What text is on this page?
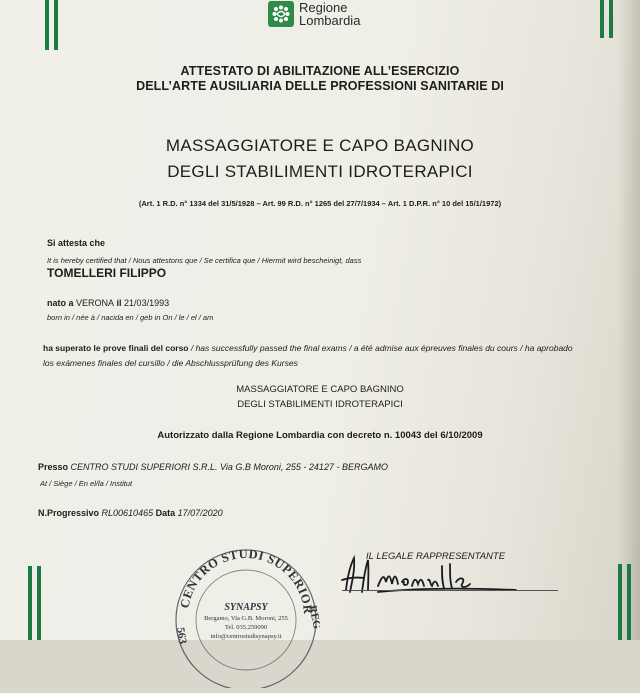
Regione
Lombardia
ATTESTATO DI ABILITAZIONE ALL’ESERCIZIO
DELL’ARTE AUSILIARIA DELLE PROFESSIONI SANITARIE DI
MASSAGGIATORE E CAPO BAGNINO
DEGLI STABILIMENTI IDROTERAPICI
(Art. 1 R.D. n° 1334 del 31/5/1928 – Art. 99 R.D. n° 1265 del 27/7/1934 – Art. 1 D.P.R. n° 10 del 15/1/1972)
Si attesta che
It is hereby certified that / Nous attestons que / Se certifica que / Hiermit wird bescheinigt, dass
TOMELLERI FILIPPO
nato a VERONA il 21/03/1993
born in / née à / nacida en / geb in On / le / el / am
ha superato le prove finali del corso / has successfully passed the final exams / a été admise aux épreuves finales du cours / ha aprobado
los exámenes finales del cursillo / die Abschlussprüfung des Kurses
MASSAGGIATORE E CAPO BAGNINO
DEGLI STABILIMENTI IDROTERAPICI
Autorizzato dalla Regione Lombardia con decreto n. 10043 del 6/10/2009
Presso CENTRO STUDI SUPERIORI S.R.L. Via G.B Moroni, 255 - 24127 - BERGAMO
At / Siège / En el/la / Institut
N.Progressivo RL00610465 Data 17/07/2020
IL LEGALE RAPPRESENTANTE
CENTRO STUDI SUPERIOR
563
REG
SYNAPSY
Bergamo, Via G.B. Moroni, 255
Tel. 035.259090
info@centrostudisynapsy.it
